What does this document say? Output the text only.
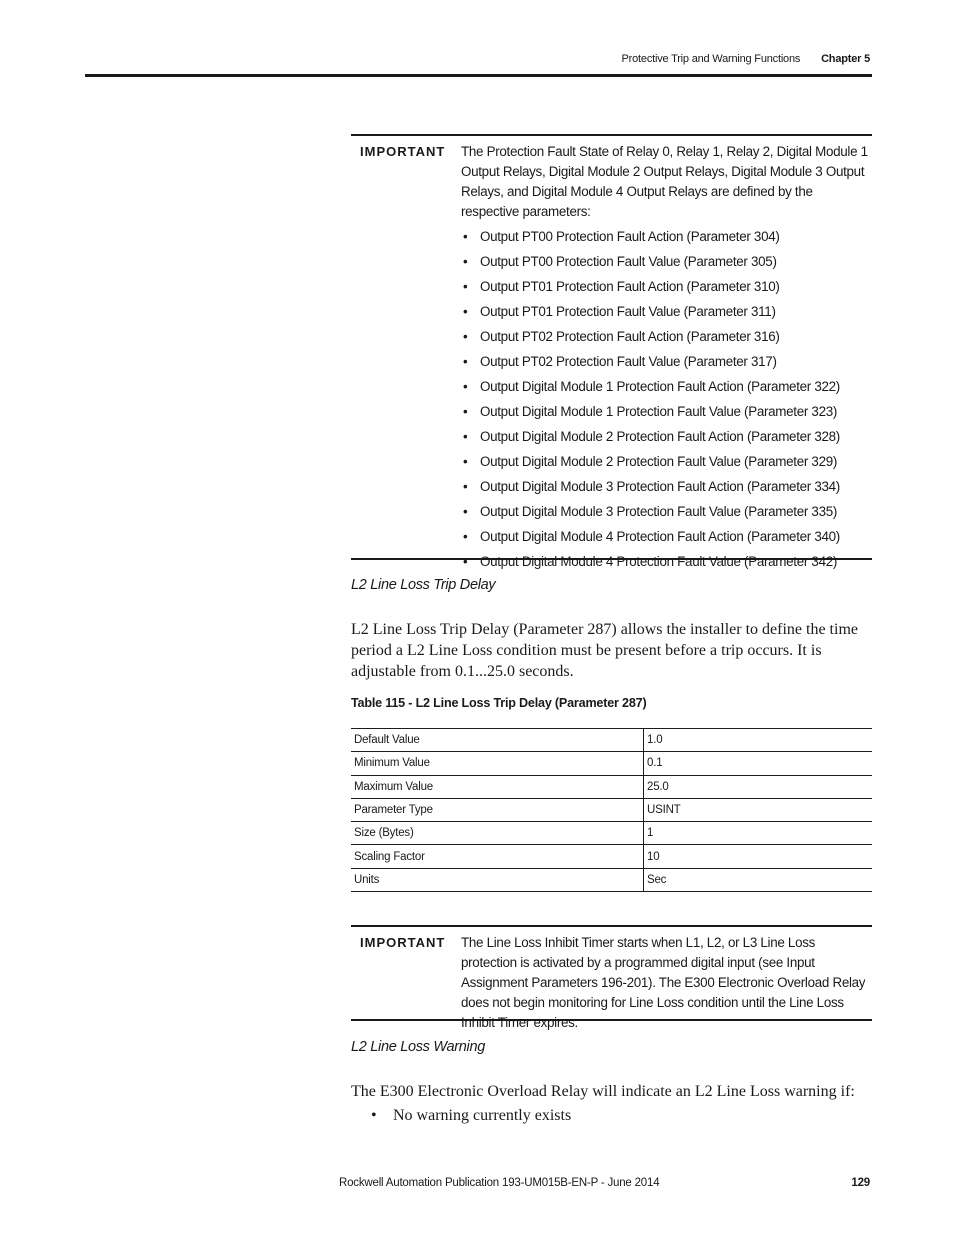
Protective Trip and Warning Functions Chapter 5
IMPORTANT The Protection Fault State of Relay 0, Relay 1, Relay 2, Digital Module 1 Output Relays, Digital Module 2 Output Relays, Digital Module 3 Output Relays, and Digital Module 4 Output Relays are defined by the respective parameters:
• Output PT00 Protection Fault Action (Parameter 304)
• Output PT00 Protection Fault Value (Parameter 305)
• Output PT01 Protection Fault Action (Parameter 310)
• Output PT01 Protection Fault Value (Parameter 311)
• Output PT02 Protection Fault Action (Parameter 316)
• Output PT02 Protection Fault Value (Parameter 317)
• Output Digital Module 1 Protection Fault Action (Parameter 322)
• Output Digital Module 1 Protection Fault Value (Parameter 323)
• Output Digital Module 2 Protection Fault Action (Parameter 328)
• Output Digital Module 2 Protection Fault Value (Parameter 329)
• Output Digital Module 3 Protection Fault Action (Parameter 334)
• Output Digital Module 3 Protection Fault Value (Parameter 335)
• Output Digital Module 4 Protection Fault Action (Parameter 340)
• Output Digital Module 4 Protection Fault Value (Parameter 342)
L2 Line Loss Trip Delay
L2 Line Loss Trip Delay (Parameter 287) allows the installer to define the time period a L2 Line Loss condition must be present before a trip occurs. It is adjustable from 0.1...25.0 seconds.
Table 115 - L2 Line Loss Trip Delay (Parameter 287)
Default Value	1.0
Minimum Value	0.1
Maximum Value	25.0
Parameter Type	USINT
Size (Bytes)	1
Scaling Factor	10
Units	Sec
IMPORTANT The Line Loss Inhibit Timer starts when L1, L2, or L3 Line Loss protection is activated by a programmed digital input (see Input Assignment Parameters 196-201). The E300 Electronic Overload Relay does not begin monitoring for Line Loss condition until the Line Loss Inhibit Timer expires.
L2 Line Loss Warning
The E300 Electronic Overload Relay will indicate an L2 Line Loss warning if:
• No warning currently exists
Rockwell Automation Publication 193-UM015B-EN-P - June 2014	129
